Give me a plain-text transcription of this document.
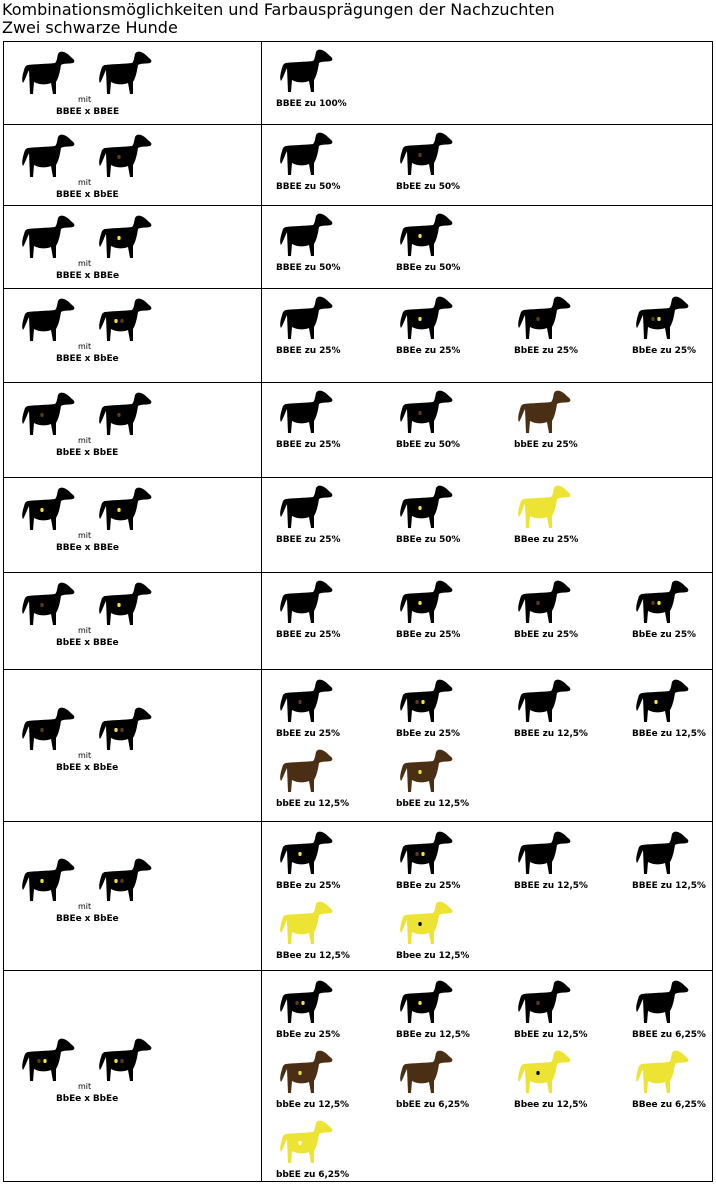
Kombinationsmöglichkeiten und Farbausprägungen der Nachzuchten
Zwei schwarze Hunde
mit
BBEE x BBEE
BBEE zu 100%
mit
BBEE x BbEE
BBEE zu 50%	BbEE zu 50%
mit
BBEE x BBEe
BBEE zu 50%	BBEe zu 50%
mit
BBEE x BbEe
BBEE zu 25%	BBEe zu 25%	BbEE zu 25%	BbEe zu 25%
mit
BbEE x BbEE
BBEE zu 25%	BbEE zu 50%	bbEE zu 25%
mit
BBEe x BBEe
BBEE zu 25%	BBEe zu 50%	BBee zu 25%
mit
BbEE x BBEe
BBEE zu 25%	BBEe zu 25%	BbEE zu 25%	BbEe zu 25%
mit
BbEE x BbEe
BbEE zu 25%	BbEe zu 25%	BBEE zu 12,5%	BBEe zu 12,5%
bbEE zu 12,5%	bbEE zu 12,5%
mit
BBEe x BbEe
BBEe zu 25%	BBEe zu 25%	BBEE zu 12,5%	BBEE zu 12,5%
BBee zu 12,5%	Bbee zu 12,5%
mit
BbEe x BbEe
BbEe zu 25%	BBEe zu 12,5%	BbEE zu 12,5%	BBEE zu 6,25%
bbEe zu 12,5%	bbEE zu 6,25%	Bbee zu 12,5%	BBee zu 6,25%
bbEE zu 6,25%
